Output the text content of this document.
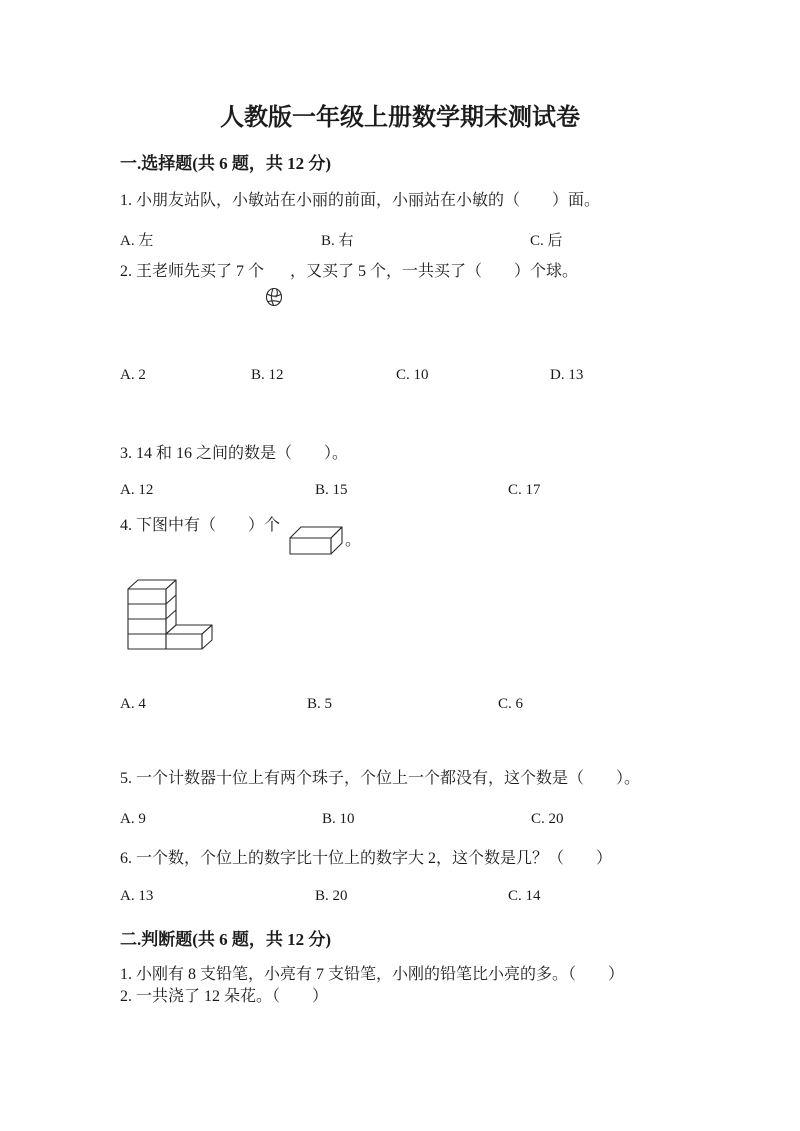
人教版一年级上册数学期末测试卷
一.选择题(共 6 题，共 12 分)
1. 小朋友站队，小敏站在小丽的前面，小丽站在小敏的（　　）面。
A. 左	B. 右	C. 后
2. 王老师先买了 7 个 ，又买了 5 个，一共买了（　　）个球。
A. 2	B. 12	C. 10	D. 13
3. 14 和 16 之间的数是（　　）。
A. 12	B. 15	C. 17
4. 下图中有（　　）个
。
A. 4	B. 5	C. 6
5. 一个计数器十位上有两个珠子，个位上一个都没有，这个数是（　　）。
A. 9	B. 10	C. 20
6. 一个数，个位上的数字比十位上的数字大 2，这个数是几？（　　）
A. 13	B. 20	C. 14
二.判断题(共 6 题，共 12 分)
1. 小刚有 8 支铅笔，小亮有 7 支铅笔，小刚的铅笔比小亮的多。（　　）
2. 一共浇了 12 朵花。（　　）
